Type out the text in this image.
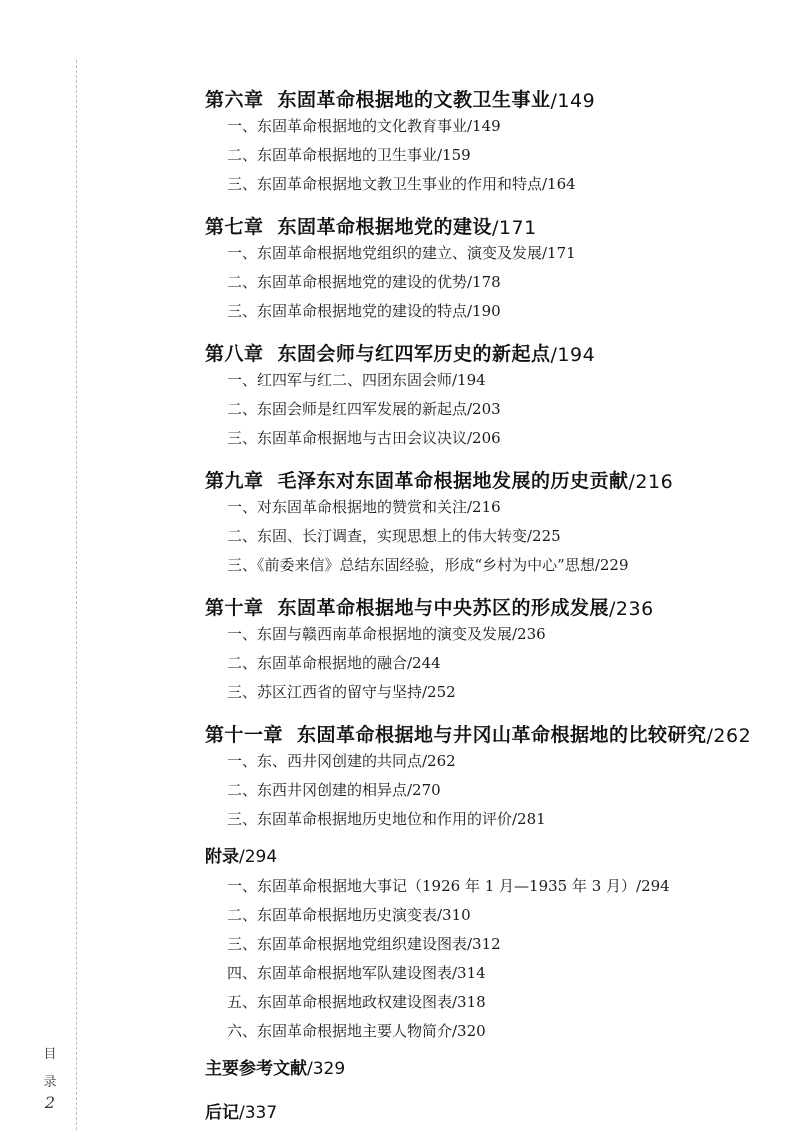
第六章 东固革命根据地的文教卫生事业 /149
一、东固革命根据地的文化教育事业/149
二、东固革命根据地的卫生事业/159
三、东固革命根据地文教卫生事业的作用和特点/164
第七章 东固革命根据地党的建设 /171
一、东固革命根据地党组织的建立、演变及发展/171
二、东固革命根据地党的建设的优势/178
三、东固革命根据地党的建设的特点/190
第八章 东固会师与红四军历史的新起点 /194
一、红四军与红二、四团东固会师/194
二、东固会师是红四军发展的新起点/203
三、东固革命根据地与古田会议决议/206
第九章 毛泽东对东固革命根据地发展的历史贡献 /216
一、对东固革命根据地的赞赏和关注/216
二、东固、长汀调查，实现思想上的伟大转变/225
三、《前委来信》总结东固经验，形成“乡村为中心”思想/229
第十章 东固革命根据地与中央苏区的形成发展 /236
一、东固与赣西南革命根据地的演变及发展/236
二、东固革命根据地的融合/244
三、苏区江西省的留守与坚持/252
第十一章 东固革命根据地与井冈山革命根据地的比较研究 /262
一、东、西井冈创建的共同点/262
二、东西井冈创建的相异点/270
三、东固革命根据地历史地位和作用的评价/281
附录/294
一、东固革命根据地大事记（1926 年 1 月—1935 年 3 月）/294
二、东固革命根据地历史演变表/310
三、东固革命根据地党组织建设图表/312
四、东固革命根据地军队建设图表/314
五、东固革命根据地政权建设图表/318
六、东固革命根据地主要人物简介/320
主要参考文献/329
后记/337
目
录
2
